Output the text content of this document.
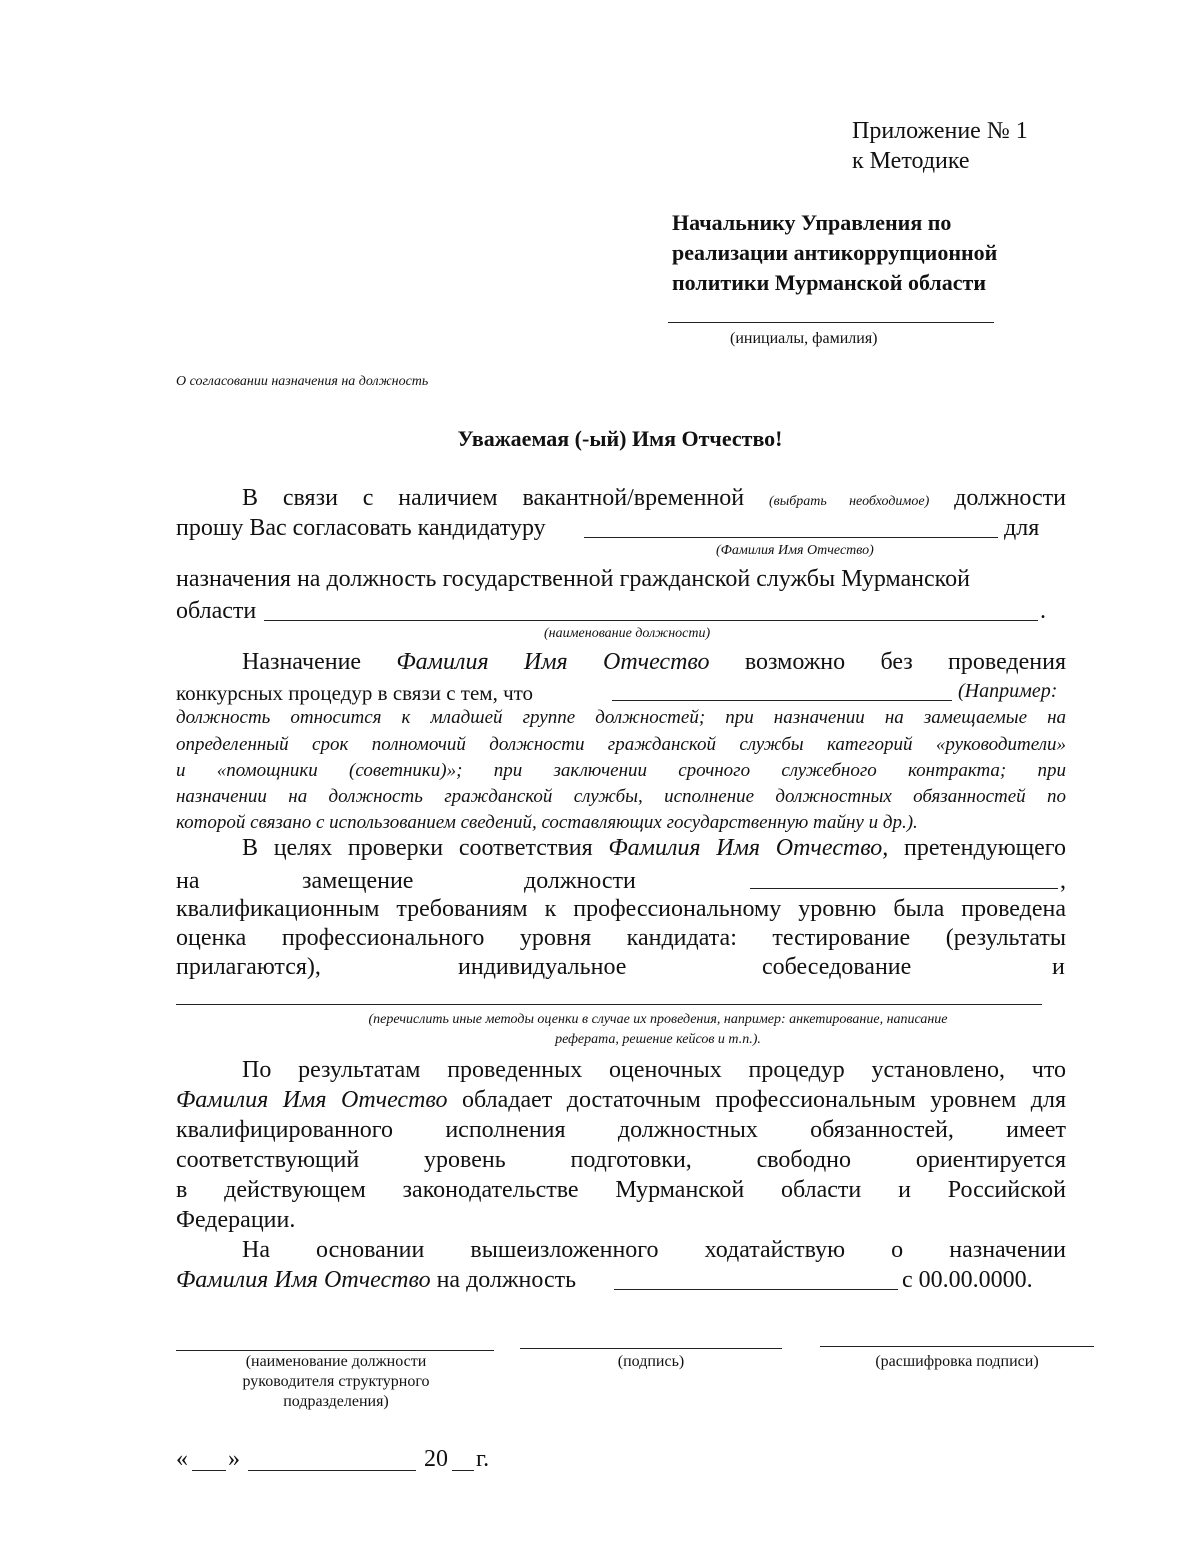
Приложение № 1
к Методике
Начальнику Управления по
реализации антикоррупционной
политики Мурманской области
(инициалы, фамилия)
О согласовании назначения на должность
Уважаемая (-ый) Имя Отчество!
В связи с наличием вакантной/временной (выбрать необходимое) должности
прошу Вас согласовать кандидатуру	для
(Фамилия Имя Отчество)
назначения на должность государственной гражданской службы Мурманской
области	.
(наименование должности)
Назначение Фамилия Имя Отчество возможно без проведения
конкурсных процедур в связи с тем, что	(Например:
должность относится к младшей группе должностей; при назначении на замещаемые на
определенный срок полномочий должности гражданской службы категорий «руководители»
и «помощники (советники)»; при заключении срочного служебного контракта; при
назначении на должность гражданской службы, исполнение должностных обязанностей по
которой связано с использованием сведений, составляющих государственную тайну и др.).
В целях проверки соответствия Фамилия Имя Отчество, претендующего
на	замещение	должности	,
квалификационным требованиям к профессиональному уровню была проведена
оценка профессионального уровня кандидата: тестирование (результаты
прилагаются),	индивидуальное	собеседование	и
(перечислить иные методы оценки в случае их проведения, например: анкетирование, написание
реферата, решение кейсов и т.п.).
По результатам проведенных оценочных процедур установлено, что
Фамилия Имя Отчество обладает достаточным профессиональным уровнем для
квалифицированного исполнения должностных обязанностей, имеет
соответствующий уровень подготовки, свободно ориентируется
в действующем законодательстве Мурманской области и Российской
Федерации.
На основании вышеизложенного ходатайствую о назначении
Фамилия Имя Отчество на должность	с 00.00.0000.
(наименование должности руководителя структурного подразделения)
(подпись)	(расшифровка подписи)
« »	20 г.
